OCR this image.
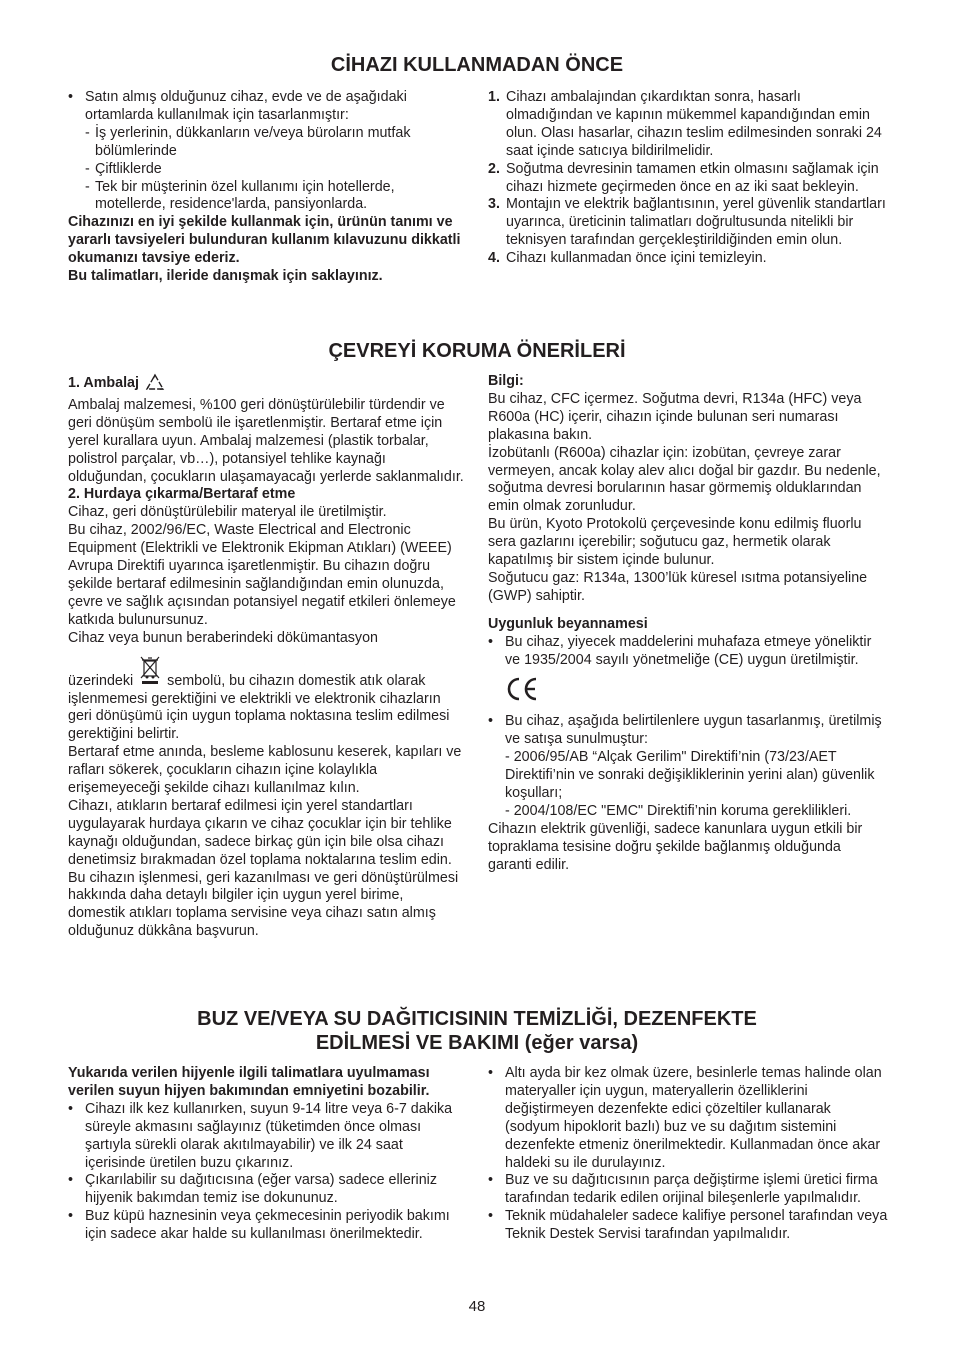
CİHAZI KULLANMADAN ÖNCE
• Satın almış olduğunuz cihaz, evde ve de aşağıdaki ortamlarda kullanılmak için tasarlanmıştır:
- İş yerlerinin, dükkanların ve/veya büroların mutfak bölümlerinde
- Çiftliklerde
- Tek bir müşterinin özel kullanımı için hotellerde, motellerde, residence'larda, pansiyonlarda.

Cihazınızı en iyi şekilde kullanmak için, ürünün tanımı ve yararlı tavsiyeleri bulunduran kullanım kılavuzunu dikkatli okumanızı tavsiye ederiz.

Bu talimatları, ileride danışmak için saklayınız.

1. Cihazı ambalajından çıkardıktan sonra, hasarlı olmadığından ve kapının mükemmel kapandığından emin olun. Olası hasarlar, cihazın teslim edilmesinden sonraki 24 saat içinde satıcıya bildirilmelidir.
2. Soğutma devresinin tamamen etkin olmasını sağlamak için cihazı hizmete geçirmeden önce en az iki saat bekleyin.
3. Montajın ve elektrik bağlantısının, yerel güvenlik standartları uyarınca, üreticinin talimatları doğrultusunda nitelikli bir teknisyen tarafından gerçekleştirildiğinden emin olun.
4. Cihazı kullanmadan önce içini temizleyin.
ÇEVREYİ KORUMA ÖNERİLERİ

1. Ambalaj

Ambalaj malzemesi, %100 geri dönüştürülebilir türdendir ve geri dönüşüm sembolü ile işaretlenmiştir. Bertaraf etme için yerel kurallara uyun. Ambalaj malzemesi (plastik torbalar, polistrol parçalar, vb…), potansiyel tehlike kaynağı olduğundan, çocukların ulaşamayacağı yerlerde saklanmalıdır.

2. Hurdaya çıkarma/Bertaraf etme

Cihaz, geri dönüştürülebilir materyal ile üretilmiştir.

Bu cihaz, 2002/96/EC, Waste Electrical and Electronic Equipment (Elektrikli ve Elektronik Ekipman Atıkları) (WEEE) Avrupa Direktifi uyarınca işaretlenmiştir. Bu cihazın doğru şekilde bertaraf edilmesinin sağlandığından emin olunuzda, çevre ve sağlık açısından potansiyel negatif etkileri önlemeye katkıda bulunursunuz.

Cihaz veya bunun beraberindeki dökümantasyon

üzerindeki sembolü, bu cihazın domestik atık olarak işlenmemesi gerektiğini ve elektrikli ve elektronik cihazların geri dönüşümü için uygun toplama noktasına teslim edilmesi gerektiğini belirtir.

Bertaraf etme anında, besleme kablosunu keserek, kapıları ve rafları sökerek, çocukların cihazın içine kolaylıkla erişemeyeceği şekilde cihazı kullanılmaz kılın.

Cihazı, atıkların bertaraf edilmesi için yerel standartları uygulayarak hurdaya çıkarın ve cihaz çocuklar için bir tehlike kaynağı olduğundan, sadece birkaç gün için bile olsa cihazı denetimsiz bırakmadan özel toplama noktalarına teslim edin.

Bu cihazın işlenmesi, geri kazanılması ve geri dönüştürülmesi hakkında daha detaylı bilgiler için uygun yerel birime, domestik atıkları toplama servisine veya cihazı satın almış olduğunuz dükkâna başvurun.

Bilgi:

Bu cihaz, CFC içermez. Soğutma devri, R134a (HFC) veya R600a (HC) içerir, cihazın içinde bulunan seri numarası plakasına bakın.

İzobütanlı (R600a) cihazlar için: izobütan, çevreye zarar vermeyen, ancak kolay alev alıcı doğal bir gazdır. Bu nedenle, soğutma devresi borularının hasar görmemiş olduklarından emin olmak zorunludur.

Bu ürün, Kyoto Protokolü çerçevesinde konu edilmiş fluorlu sera gazlarını içerebilir; soğutucu gaz, hermetik olarak kapatılmış bir sistem içinde bulunur.

Soğutucu gaz: R134a, 1300’lük küresel ısıtma potansiyeline (GWP) sahiptir.

Uygunluk beyannamesi

• Bu cihaz, yiyecek maddelerini muhafaza etmeye yöneliktir ve 1935/2004 sayılı yönetmeliğe (CE) uygun üretilmiştir.
• Bu cihaz, aşağıda belirtilenlere uygun tasarlanmış, üretilmiş ve satışa sunulmuştur:

- 2006/95/AB “Alçak Gerilim" Direktifi’nin (73/23/AET Direktifi’nin ve sonraki değişikliklerinin yerini alan) güvenlik koşulları;

- 2004/108/EC "EMC" Direktifi’nin koruma gereklilikleri.

Cihazın elektrik güvenliği, sadece kanunlara uygun etkili bir topraklama tesisine doğru şekilde bağlanmış olduğunda garanti edilir.

BUZ VE/VEYA SU DAĞITICISININ TEMİZLİĞİ, DEZENFEKTE
EDİLMESİ VE BAKIMI (eğer varsa)

Yukarıda verilen hijyenle ilgili talimatlara uyulmaması verilen suyun hijyen bakımından emniyetini bozabilir.

• Cihazı ilk kez kullanırken, suyun 9-14 litre veya 6-7 dakika süreyle akmasını sağlayınız (tüketimden önce olması şartıyla sürekli olarak akıtılmayabilir) ve ilk 24 saat içerisinde üretilen buzu çıkarınız.
• Çıkarılabilir su dağıtıcısına (eğer varsa) sadece elleriniz hijyenik bakımdan temiz ise dokununuz.
• Buz küpü haznesinin veya çekmecesinin periyodik bakımı için sadece akar halde su kullanılması önerilmektedir.
• Altı ayda bir kez olmak üzere, besinlerle temas halinde olan materyaller için uygun, materyallerin özelliklerini değiştirmeyen dezenfekte edici çözeltiler kullanarak (sodyum hipoklorit bazlı) buz ve su dağıtım sistemini dezenfekte etmeniz önerilmektedir. Kullanmadan önce akar haldeki su ile durulayınız.
• Buz ve su dağıtıcısının parça değiştirme işlemi üretici firma tarafından tedarik edilen orijinal bileşenlerle yapılmalıdır.
• Teknik müdahaleler sadece kalifiye personel tarafından veya Teknik Destek Servisi tarafından yapılmalıdır.
48
